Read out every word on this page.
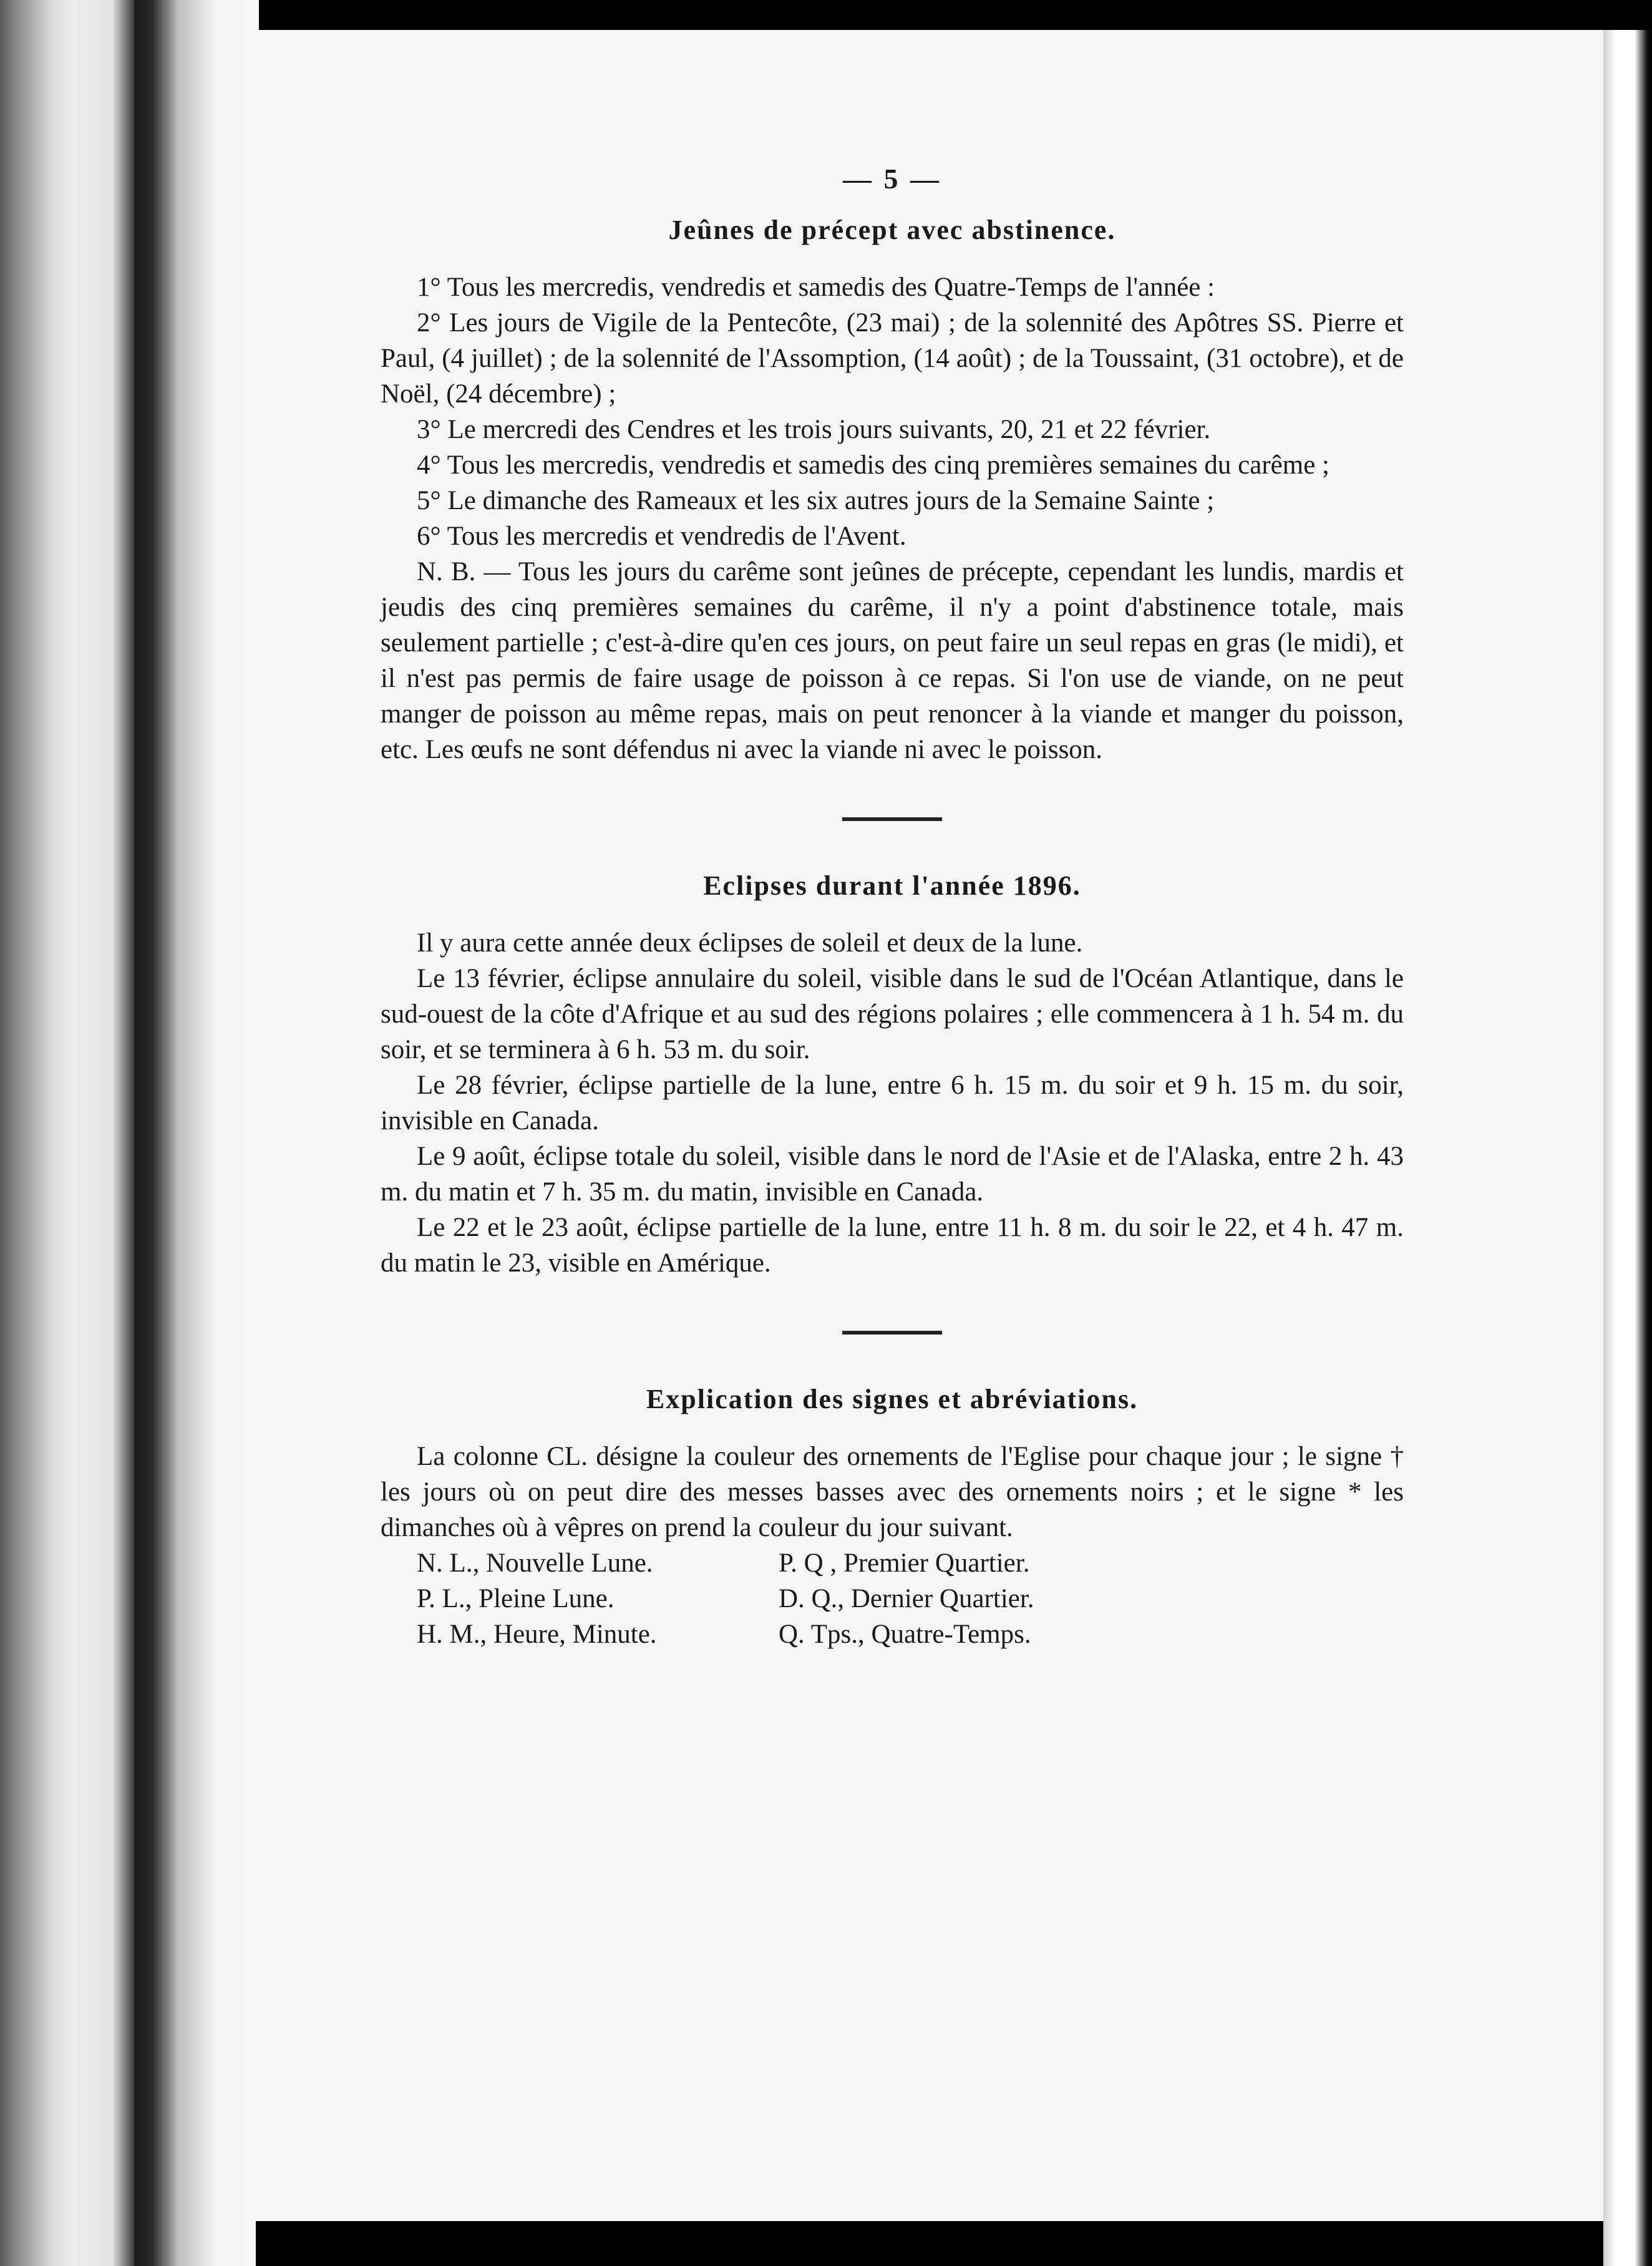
— 5 —
Jeûnes de précept avec abstinence.

1° Tous les mercredis, vendredis et samedis des Quatre-Temps de l'année :

2° Les jours de Vigile de la Pentecôte, (23 mai) ; de la solennité des Apôtres SS. Pierre et Paul, (4 juillet) ; de la solennité de l'Assomption, (14 août) ; de la Toussaint, (31 octobre), et de Noël, (24 décembre) ;

3° Le mercredi des Cendres et les trois jours suivants, 20, 21 et 22 février.

4° Tous les mercredis, vendredis et samedis des cinq premières semaines du carême ;

5° Le dimanche des Rameaux et les six autres jours de la Semaine Sainte ;

6° Tous les mercredis et vendredis de l'Avent.

N. B. — Tous les jours du carême sont jeûnes de précepte, cependant les lundis, mardis et jeudis des cinq premières semaines du carême, il n'y a point d'abstinence totale, mais seulement partielle ; c'est-à-dire qu'en ces jours, on peut faire un seul repas en gras (le midi), et il n'est pas permis de faire usage de poisson à ce repas. Si l'on use de viande, on ne peut manger de poisson au même repas, mais on peut renoncer à la viande et manger du poisson, etc. Les œufs ne sont défendus ni avec la viande ni avec le poisson.

Eclipses durant l'année 1896.

Il y aura cette année deux éclipses de soleil et deux de la lune.

Le 13 février, éclipse annulaire du soleil, visible dans le sud de l'Océan Atlantique, dans le sud-ouest de la côte d'Afrique et au sud des régions polaires ; elle commencera à 1 h. 54 m. du soir, et se terminera à 6 h. 53 m. du soir.

Le 28 février, éclipse partielle de la lune, entre 6 h. 15 m. du soir et 9 h. 15 m. du soir, invisible en Canada.

Le 9 août, éclipse totale du soleil, visible dans le nord de l'Asie et de l'Alaska, entre 2 h. 43 m. du matin et 7 h. 35 m. du matin, invisible en Canada.

Le 22 et le 23 août, éclipse partielle de la lune, entre 11 h. 8 m. du soir le 22, et 4 h. 47 m. du matin le 23, visible en Amérique.

Explication des signes et abréviations.

La colonne CL. désigne la couleur des ornements de l'Eglise pour chaque jour ; le signe † les jours où on peut dire des messes basses avec des ornements noirs ; et le signe * les dimanches où à vêpres on prend la couleur du jour suivant.

N. L., Nouvelle Lune.	P. Q , Premier Quartier.
P. L., Pleine Lune.	D. Q., Dernier Quartier.
H. M., Heure, Minute.	Q. Tps., Quatre-Temps.
